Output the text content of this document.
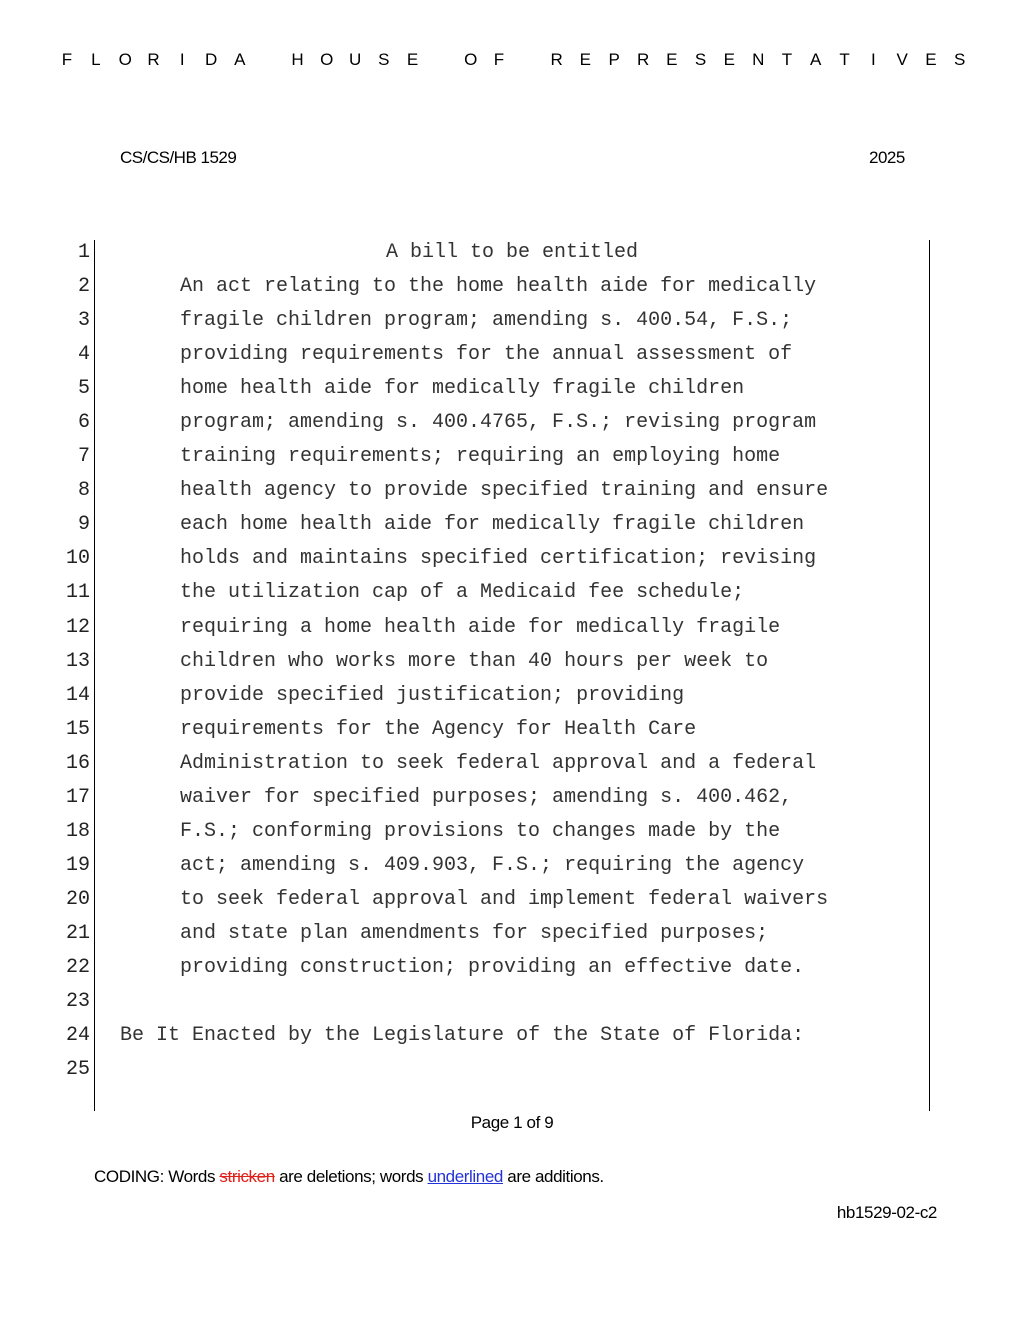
F L O R I D A	H O U S E	O F	R E P R E S E N T A T I V E S
CS/CS/HB 1529	2025
1	A bill to be entitled
2	An act relating to the home health aide for medically
3	fragile children program; amending s. 400.54, F.S.;
4	providing requirements for the annual assessment of
5	home health aide for medically fragile children
6	program; amending s. 400.4765, F.S.; revising program
7	training requirements; requiring an employing home
8	health agency to provide specified training and ensure
9	each home health aide for medically fragile children
10	holds and maintains specified certification; revising
11	the utilization cap of a Medicaid fee schedule;
12	requiring a home health aide for medically fragile
13	children who works more than 40 hours per week to
14	provide specified justification; providing
15	requirements for the Agency for Health Care
16	Administration to seek federal approval and a federal
17	waiver for specified purposes; amending s. 400.462,
18	F.S.; conforming provisions to changes made by the
19	act; amending s. 409.903, F.S.; requiring the agency
20	to seek federal approval and implement federal waivers
21	and state plan amendments for specified purposes;
22	providing construction; providing an effective date.
23
24 Be It Enacted by the Legislature of the State of Florida:
25
Page 1 of 9
CODING: Words stricken are deletions; words underlined are additions.
hb1529-02-c2
